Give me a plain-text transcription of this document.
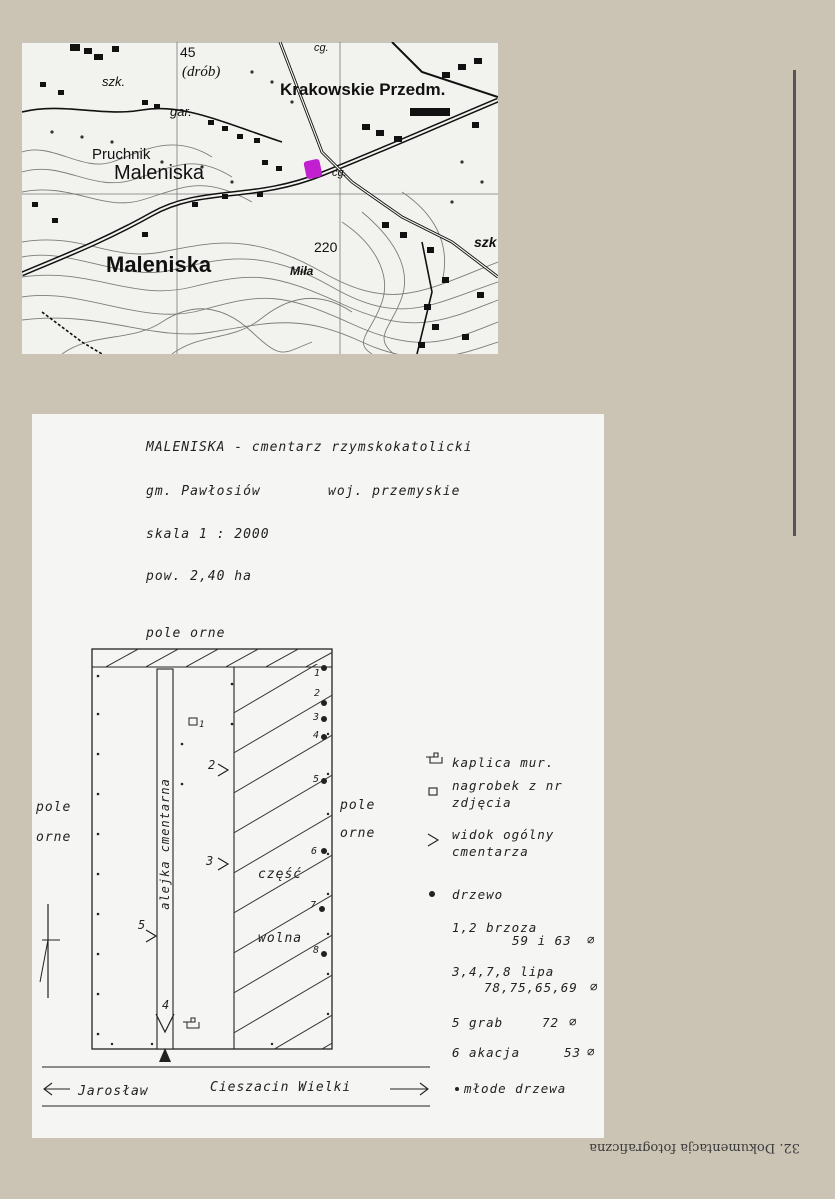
32. Dokumentacja fotograficzna
45
(drób)
cg.
szk.
gar.
Krakowskie Przedm.
Pruchnik
Maleniska	cg.
Maleniska
220
Miła
szk
MALENISKA - cmentarz rzymskokatolicki
gm. Pawłosiów	woj. przemyskie
skala 1 : 2000
pow. 2,40 ha
pole orne
pole
orne
pole
orne
alejka cmentarna	część
wolna
Jarosław	Cieszacin Wielki
1
2
3
4
5
6
7
8
2
3
5
4
1
kaplica mur.
nagrobek z nr
zdjęcia
widok ogólny
cmentarza
drzewo
1,2 brzoza
59 i 63 ⌀
3,4,7,8 lipa
78,75,65,69 ⌀
5 grab	72 ⌀
6 akacja	53 ⌀
młode drzewa
